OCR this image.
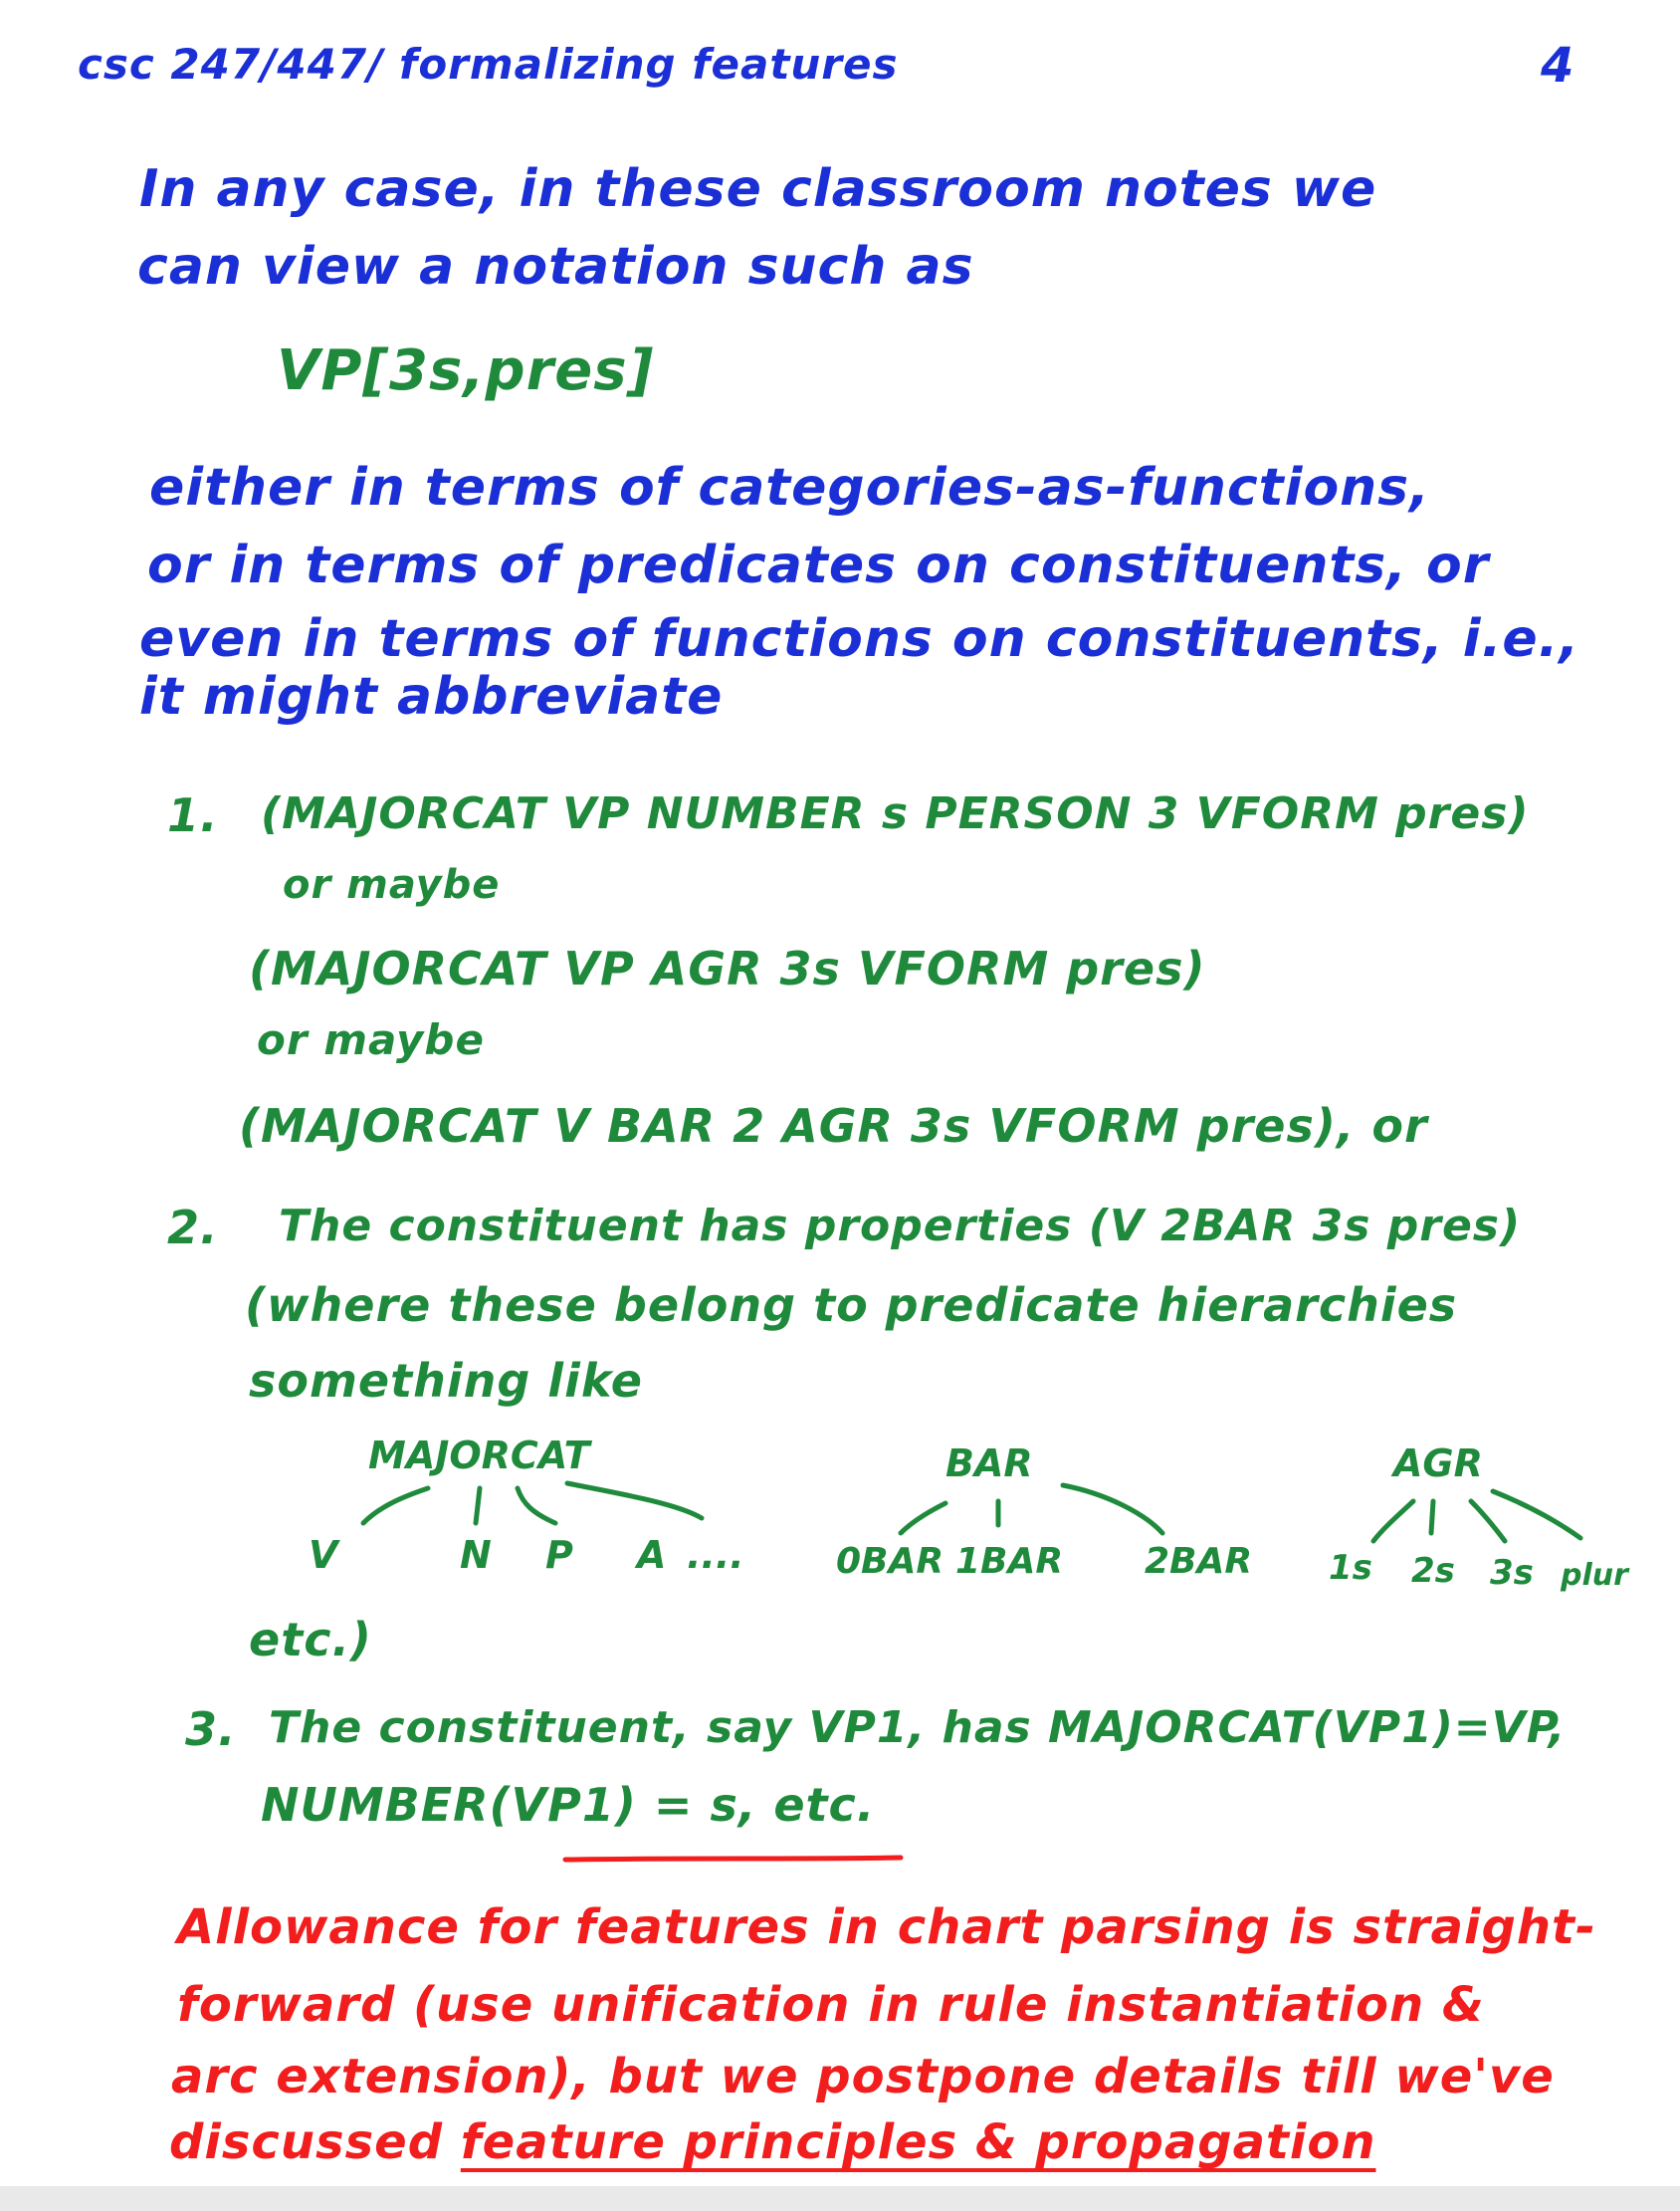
csc 247/447/ formalizing features	4
In any case, in these classroom notes we
can view a notation such as
VP[3s,pres]
either in terms of categories-as-functions,
or in terms of predicates on constituents, or
even in terms of functions on constituents, i.e.,
it might abbreviate
1. (MAJORCAT VP NUMBER s PERSON 3 VFORM pres)
or maybe
(MAJORCAT VP AGR 3s VFORM pres)
or maybe
(MAJORCAT V BAR 2 AGR 3s VFORM pres), or
2. The constituent has properties (V 2BAR 3s pres)
(where these belong to predicate hierarchies
something like
MAJORCAT
V	N P A ....
BAR
0BAR 1BAR 2BAR
AGR
1s 2s 3s plur
etc.)
3. The constituent, say VP1, has MAJORCAT(VP1)=VP,
NUMBER(VP1) = s, etc.
Allowance for features in chart parsing is straight-
forward (use unification in rule instantiation &
arc extension), but we postpone details till we've
discussed feature principles & propagation
